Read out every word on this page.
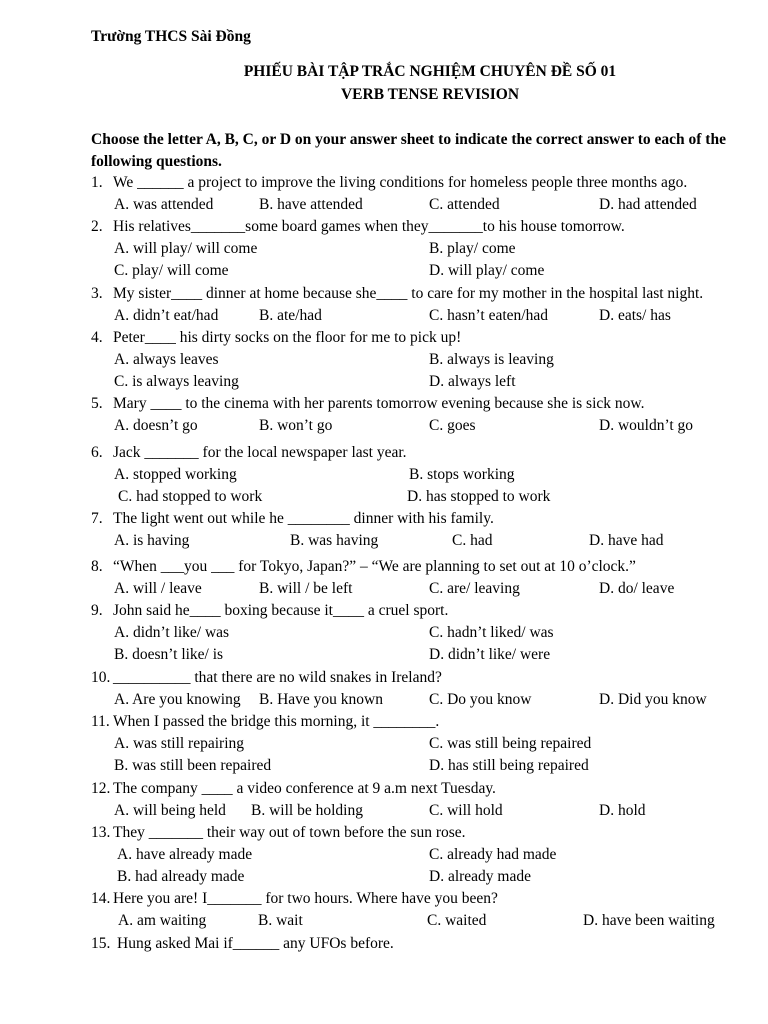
Trường THCS Sài Đồng
PHIẾU BÀI TẬP TRẮC NGHIỆM CHUYÊN ĐỀ SỐ 01
VERB TENSE REVISION
Choose the letter A, B, C, or D on your answer sheet to indicate the correct answer to each of the following questions.
1. We ______ a project to improve the living conditions for homeless people three months ago.
A. was attended	B. have attended	C. attended	D. had attended
2. His relatives_______some board games when they_______to his house tomorrow.
A. will play/ will come	B. play/ come
C. play/ will come	D. will play/ come
3. My sister____ dinner at home because she____ to care for my mother in the hospital last night.
A. didn’t eat/had	B. ate/had	C. hasn’t eaten/had	D. eats/ has
4. Peter____ his dirty socks on the floor for me to pick up!
A. always leaves	B. always is leaving
C. is always leaving	D. always left
5. Mary ____ to the cinema with her parents tomorrow evening because she is sick now.
A. doesn’t go	B. won’t go	C. goes	D. wouldn’t go
6. Jack _______ for the local newspaper last year.
A. stopped working	B. stops working
C. had stopped to work	D. has stopped to work
7. The light went out while he ________ dinner with his family.
A. is having	B. was having	C. had	D. have had
8. “When ___you ___ for Tokyo, Japan?” – “We are planning to set out at 10 o’clock.”
A. will / leave	B. will / be left	C. are/ leaving	D. do/ leave
9. John said he____ boxing because it____ a cruel sport.
A. didn’t like/ was	C. hadn’t liked/ was
B. doesn’t like/ is	D. didn’t like/ were
10. __________ that there are no wild snakes in Ireland?
A. Are you knowing B. Have you known	C. Do you know	D. Did you know
11. When I passed the bridge this morning, it ________.
A. was still repairing	C. was still being repaired
B. was still been repaired	D. has still being repaired
12. The company ____ a video conference at 9 a.m next Tuesday.
A. will being held B. will be holding	C. will hold	D. hold
13. They _______ their way out of town before the sun rose.
A. have already made	C. already had made
B. had already made	D. already made
14. Here you are! I_______ for two hours. Where have you been?
A. am waiting	B. wait	C. waited	D. have been waiting
15. Hung asked Mai if______ any UFOs before.
